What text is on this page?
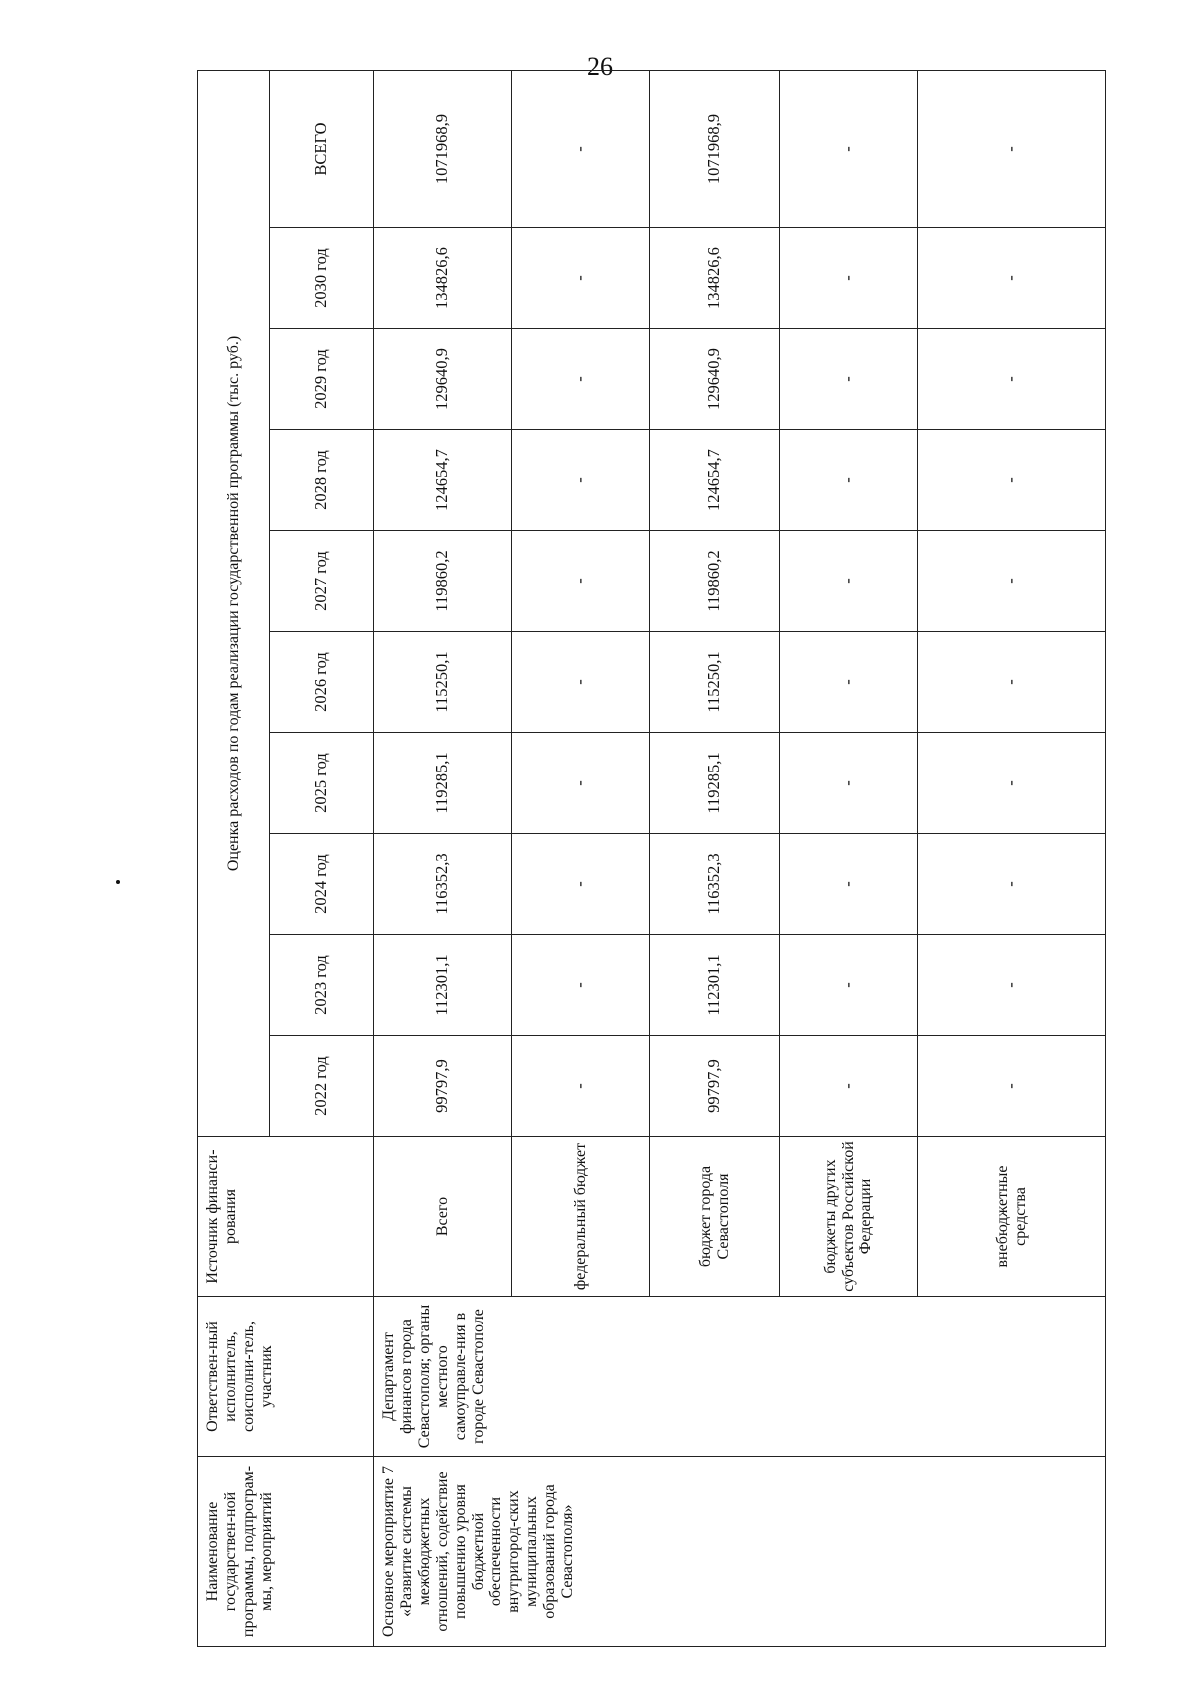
26
Наименование государствен-ной программы, подпрограм-мы, мероприятий	Ответствен-ный исполнитель, соисполни-тель, участник	Источник финанси-рования	Оценка расходов по годам реализации государственной программы (тыс. руб.)									
			2022 год	2023 год	2024 год	2025 год	2026 год	2027 год	2028 год	2029 год	2030 год	ВСЕГО
Основное мероприятие 7 «Развитие системы межбюджетных отношений, содействие повышению уровня бюджетной обеспеченности внутригород-ских муниципальных образований города Севастополя»	Департамент финансов города Севастополя; органы местного самоуправле-ния в городе Севастополе	Всего	99797,9	112301,1	116352,3	119285,1	115250,1	119860,2	124654,7	129640,9	134826,6	1071968,9
		федеральный бюджет	-	-	-	-	-	-	-	-	-	-
		бюджет города Севастополя	99797,9	112301,1	116352,3	119285,1	115250,1	119860,2	124654,7	129640,9	134826,6	1071968,9
		бюджеты других субъектов Российской Федерации	-	-	-	-	-	-	-	-	-	-
		внебюджетные средства	-	-	-	-	-	-	-	-	-	-
